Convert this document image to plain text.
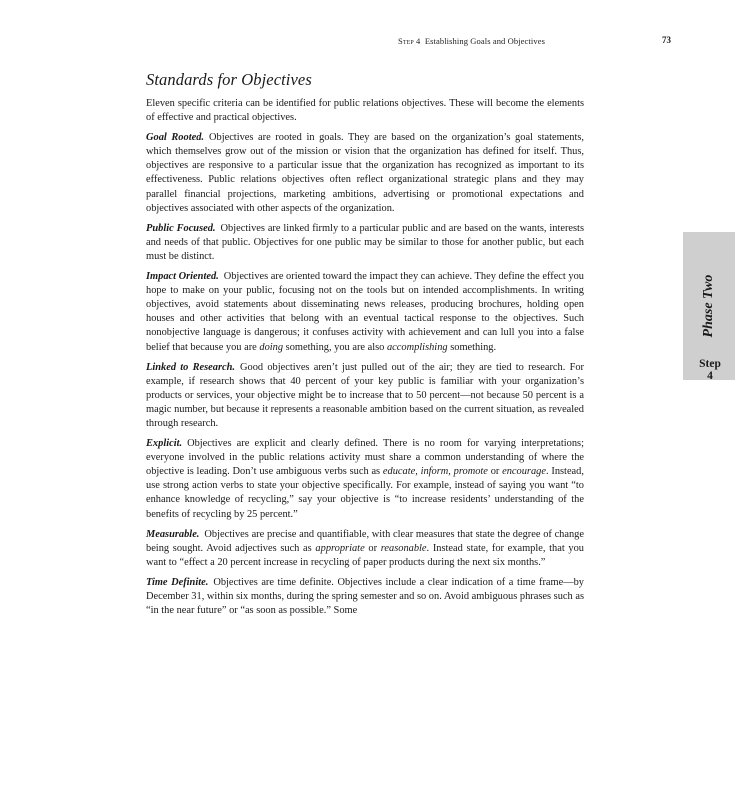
Step 4 Establishing Goals and Objectives	73
Phase Two
Step
4
Standards for Objectives

Eleven specific criteria can be identified for public relations objectives. These will become the elements of effective and practical objectives.

Goal Rooted. Objectives are rooted in goals. They are based on the organization’s goal statements, which themselves grow out of the mission or vision that the organization has defined for itself. Thus, objectives are responsive to a particular issue that the organization has recognized as important to its effectiveness. Public relations objectives often reflect organizational strategic plans and they may parallel financial projections, marketing ambitions, advertising or promotional expectations and objectives associated with other aspects of the organization.

Public Focused. Objectives are linked firmly to a particular public and are based on the wants, interests and needs of that public. Objectives for one public may be similar to those for another public, but each must be distinct.

Impact Oriented. Objectives are oriented toward the impact they can achieve. They define the effect you hope to make on your public, focusing not on the tools but on intended accomplishments. In writing objectives, avoid statements about disseminating news releases, producing brochures, holding open houses and other activities that belong with an eventual tactical response to the objectives. Such nonobjective language is dangerous; it confuses activity with achievement and can lull you into a false belief that because you are doing something, you are also accomplishing something.

Linked to Research. Good objectives aren’t just pulled out of the air; they are tied to research. For example, if research shows that 40 percent of your key public is familiar with your organization’s products or services, your objective might be to increase that to 50 percent—not because 50 percent is a magic number, but because it represents a reasonable ambition based on the current situation, as revealed through research.

Explicit. Objectives are explicit and clearly defined. There is no room for varying interpretations; everyone involved in the public relations activity must share a common understanding of where the objective is leading. Don’t use ambiguous verbs such as educate, inform, promote or encourage. Instead, use strong action verbs to state your objective specifically. For example, instead of saying you want “to enhance knowledge of recycling,” say your objective is “to increase residents’ understanding of the benefits of recycling by 25 percent.”

Measurable. Objectives are precise and quantifiable, with clear measures that state the degree of change being sought. Avoid adjectives such as appropriate or reasonable. Instead state, for example, that you want to “effect a 20 percent increase in recycling of paper products during the next six months.”

Time Definite. Objectives are time definite. Objectives include a clear indication of a time frame—by December 31, within six months, during the spring semester and so on. Avoid ambiguous phrases such as “in the near future” or “as soon as possible.” Some
